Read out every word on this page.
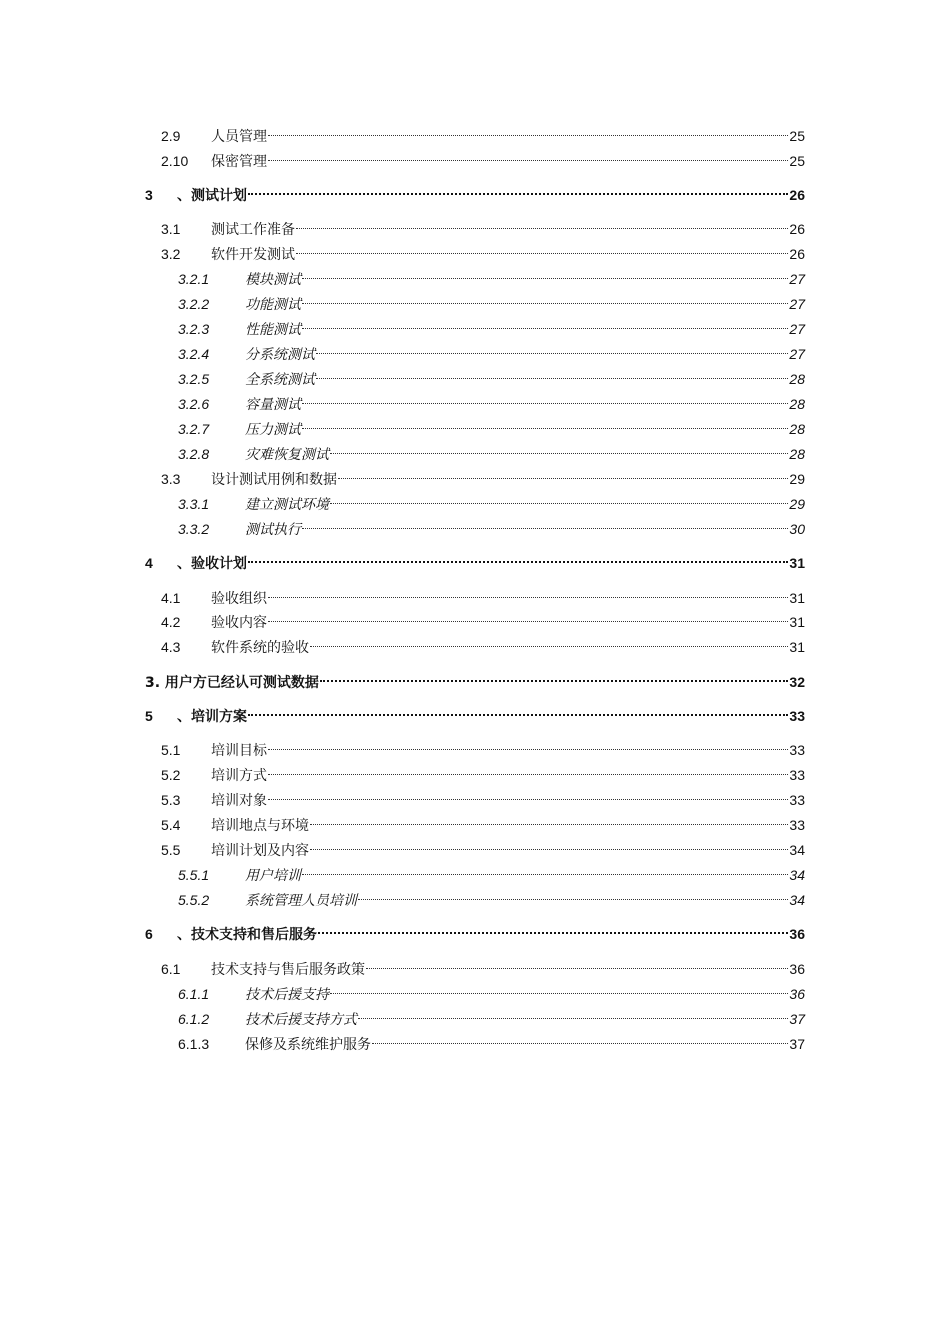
2.9 人员管理	25
2.10 保密管理	25
3 、测试计划	26
3.1 测试工作准备	26
3.2 软件开发测试	26
3.2.1	模块测试	27
3.2.2	功能测试	27
3.2.3	性能测试	27
3.2.4	分系统测试	27
3.2.5	全系统测试	28
3.2.6	容量测试	28
3.2.7	压力测试	28
3.2.8	灾难恢复测试	28
3.3 设计测试用例和数据	29
3.3.1	建立测试环境	29
3.3.2	测试执行	30
4 、验收计划	31
4.1 验收组织	31
4.2 验收内容	31
4.3 软件系统的验收	31
3. 用户方已经认可测试数据	32
5 、培训方案	33
5.1 培训目标	33
5.2 培训方式	33
5.3 培训对象	33
5.4 培训地点与环境	33
5.5 培训计划及内容	34
5.5.1	用户培训	34
5.5.2	系统管理人员培训	34
6 、技术支持和售后服务	36
6.1 技术支持与售后服务政策	36
6.1.1	技术后援支持	36
6.1.2	技术后援支持方式	37
6.1.3	保修及系统维护服务	37
